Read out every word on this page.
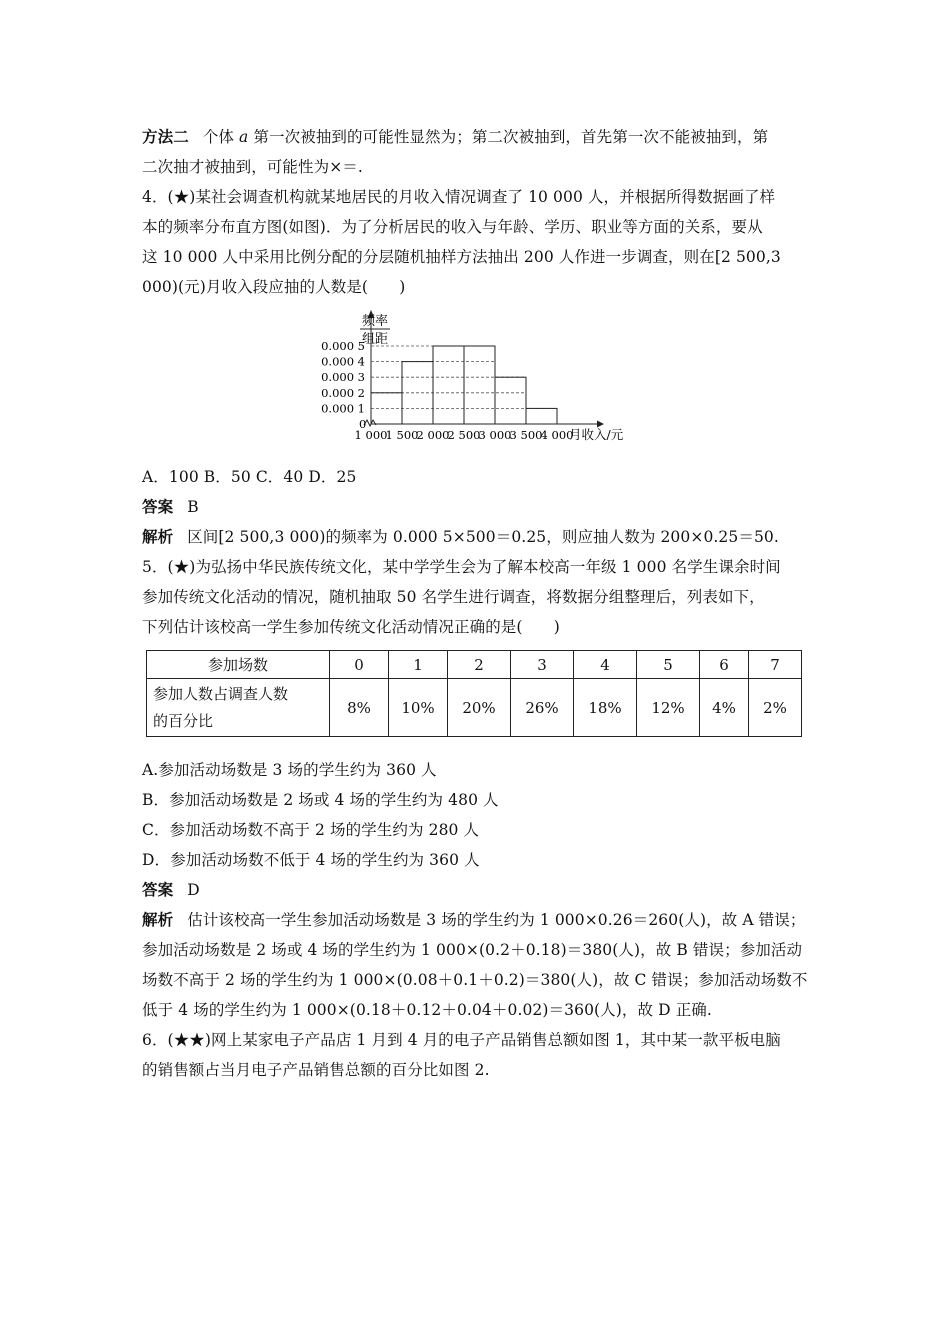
方法二 个体 a 第一次被抽到的可能性显然为；第二次被抽到，首先第一次不能被抽到，第
二次抽才被抽到，可能性为×＝.
4．(★)某社会调查机构就某地居民的月收入情况调查了 10 000 人，并根据所得数据画了样
本的频率分布直方图(如图)．为了分析居民的收入与年龄、学历、职业等方面的关系，要从
这 10 000 人中采用比例分配的分层随机抽样方法抽出 200 人作进一步调查，则在[2 500,3
000)(元)月收入段应抽的人数是(　　)
频率
组距
0.000 1
0.000 2
0.000 3
0.000 4
0.000 5
0
1 000
1 500
2 000
2 500
3 000
3 500
4 000
月收入/元
A．100 B．50 C．40 D．25
答案 B
解析 区间[2 500,3 000)的频率为 0.000 5×500＝0.25，则应抽人数为 200×0.25＝50.
5．(★)为弘扬中华民族传统文化，某中学学生会为了解本校高一年级 1 000 名学生课余时间
参加传统文化活动的情况，随机抽取 50 名学生进行调查，将数据分组整理后，列表如下，
下列估计该校高一学生参加传统文化活动情况正确的是(　　)
参加场数	0	1	2	3	4	5	6	7

参加人数占调查人数
的百分比	8%	10%	20%	26%	18%	12%	4%	2%
A.参加活动场数是 3 场的学生约为 360 人
B．参加活动场数是 2 场或 4 场的学生约为 480 人
C．参加活动场数不高于 2 场的学生约为 280 人
D．参加活动场数不低于 4 场的学生约为 360 人
答案 D
解析 估计该校高一学生参加活动场数是 3 场的学生约为 1 000×0.26＝260(人)，故 A 错误；
参加活动场数是 2 场或 4 场的学生约为 1 000×(0.2＋0.18)＝380(人)，故 B 错误；参加活动
场数不高于 2 场的学生约为 1 000×(0.08＋0.1＋0.2)＝380(人)，故 C 错误；参加活动场数不
低于 4 场的学生约为 1 000×(0.18＋0.12＋0.04＋0.02)＝360(人)，故 D 正确.
6．(★★)网上某家电子产品店 1 月到 4 月的电子产品销售总额如图 1，其中某一款平板电脑
的销售额占当月电子产品销售总额的百分比如图 2.
